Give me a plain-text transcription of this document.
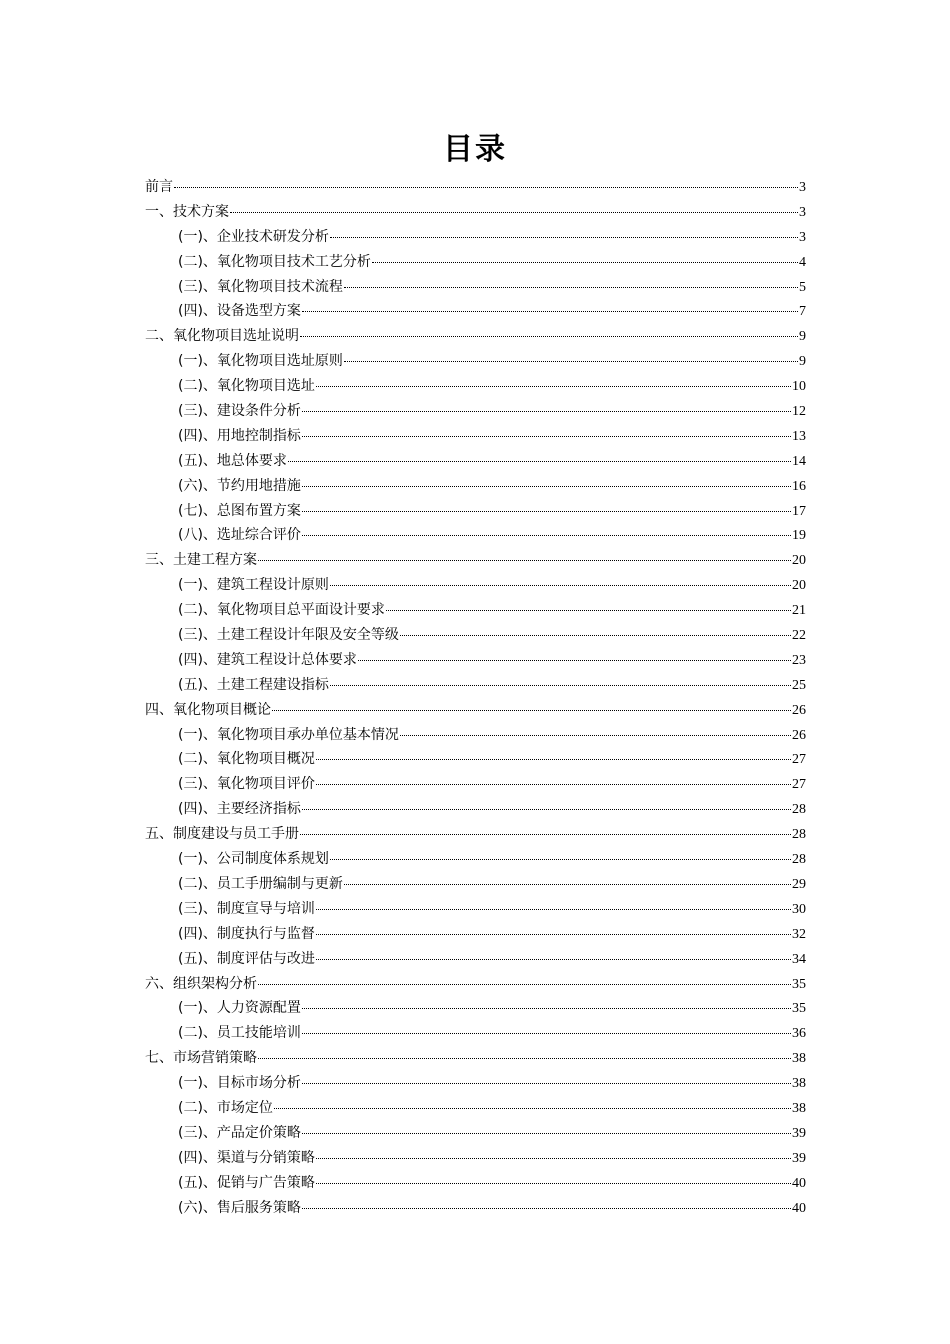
目录
前言	3
一、技术方案	3
(一)、企业技术研发分析	3
(二)、氧化物项目技术工艺分析	4
(三)、氧化物项目技术流程	5
(四)、设备选型方案	7
二、氧化物项目选址说明	9
(一)、氧化物项目选址原则	9
(二)、氧化物项目选址	10
(三)、建设条件分析	12
(四)、用地控制指标	13
(五)、地总体要求	14
(六)、节约用地措施	16
(七)、总图布置方案	17
(八)、选址综合评价	19
三、土建工程方案	20
(一)、建筑工程设计原则	20
(二)、氧化物项目总平面设计要求	21
(三)、土建工程设计年限及安全等级	22
(四)、建筑工程设计总体要求	23
(五)、土建工程建设指标	25
四、氧化物项目概论	26
(一)、氧化物项目承办单位基本情况	26
(二)、氧化物项目概况	27
(三)、氧化物项目评价	27
(四)、主要经济指标	28
五、制度建设与员工手册	28
(一)、公司制度体系规划	28
(二)、员工手册编制与更新	29
(三)、制度宣导与培训	30
(四)、制度执行与监督	32
(五)、制度评估与改进	34
六、组织架构分析	35
(一)、人力资源配置	35
(二)、员工技能培训	36
七、市场营销策略	38
(一)、目标市场分析	38
(二)、市场定位	38
(三)、产品定价策略	39
(四)、渠道与分销策略	39
(五)、促销与广告策略	40
(六)、售后服务策略	40
